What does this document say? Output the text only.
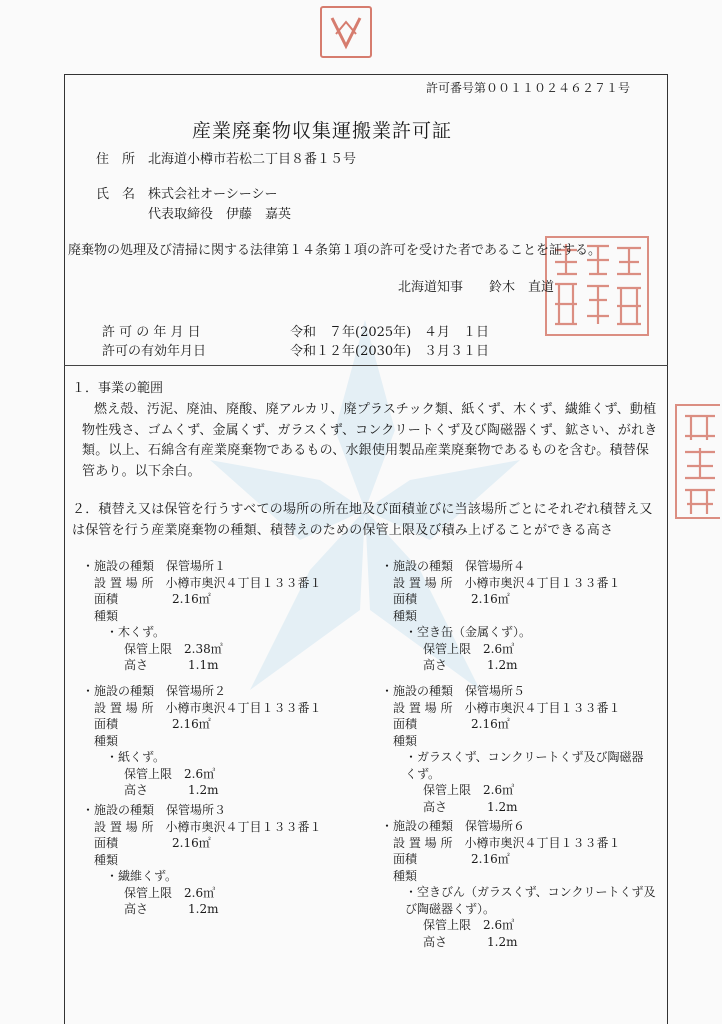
許可番号第００１１０２４６２７１号
産業廃棄物収集運搬業許可証
住　所 北海道小樽市若松二丁目８番１５号
氏　名 株式会社オーシーシー
代表取締役　伊藤　嘉英
廃棄物の処理及び清掃に関する法律第１４条第１項の許可を受けた者であることを証する。
北海道知事　　鈴木　直道
許 可 の 年 月 日	令和　７年(2025年) ４月　１日
許可の有効年月日	令和１２年(2030年) ３月３１日
１．事業の範囲
燃え殻、汚泥、廃油、廃酸、廃アルカリ、廃プラスチック類、紙くず、木くず、繊維くず、動植物性残さ、ゴムくず、金属くず、ガラスくず、コンクリートくず及び陶磁器くず、鉱さい、がれき類。以上、石綿含有産業廃棄物であるもの、水銀使用製品産業廃棄物であるものを含む。積替保管あり。以下余白。
２．積替え又は保管を行うすべての場所の所在地及び面積並びに当該場所ごとにそれぞれ積替え又は保管を行う産業廃棄物の種類、積替えのための保管上限及び積み上げることができる高さ
・施設の種類　 保管場所１
設 置 場 所　 小樽市奥沢４丁目１３３番１
面積	2.16㎡
種類
・木くず。
保管上限　 2.38㎥
高さ	1.1m
・施設の種類　 保管場所２
設 置 場 所　 小樽市奥沢４丁目１３３番１
面積	2.16㎡
種類
・紙くず。
保管上限　 2.6㎥
高さ	1.2m
・施設の種類　 保管場所３
設 置 場 所　 小樽市奥沢４丁目１３３番１
面積	2.16㎡
種類
・繊維くず。
保管上限　 2.6㎥
高さ	1.2m
・施設の種類　 保管場所４
設 置 場 所　 小樽市奥沢４丁目１３３番１
面積	2.16㎡
種類
・空き缶（金属くず）。
保管上限　 2.6㎥
高さ	1.2m
・施設の種類　 保管場所５
設 置 場 所　 小樽市奥沢４丁目１３３番１
面積	2.16㎡
種類
・ガラスくず、コンクリートくず及び陶磁器くず。
保管上限　 2.6㎥
高さ	1.2m
・施設の種類　 保管場所６
設 置 場 所　 小樽市奥沢４丁目１３３番１
面積	2.16㎡
種類
・空きびん（ガラスくず、コンクリートくず及び陶磁器くず）。
保管上限　 2.6㎥
高さ	1.2m
